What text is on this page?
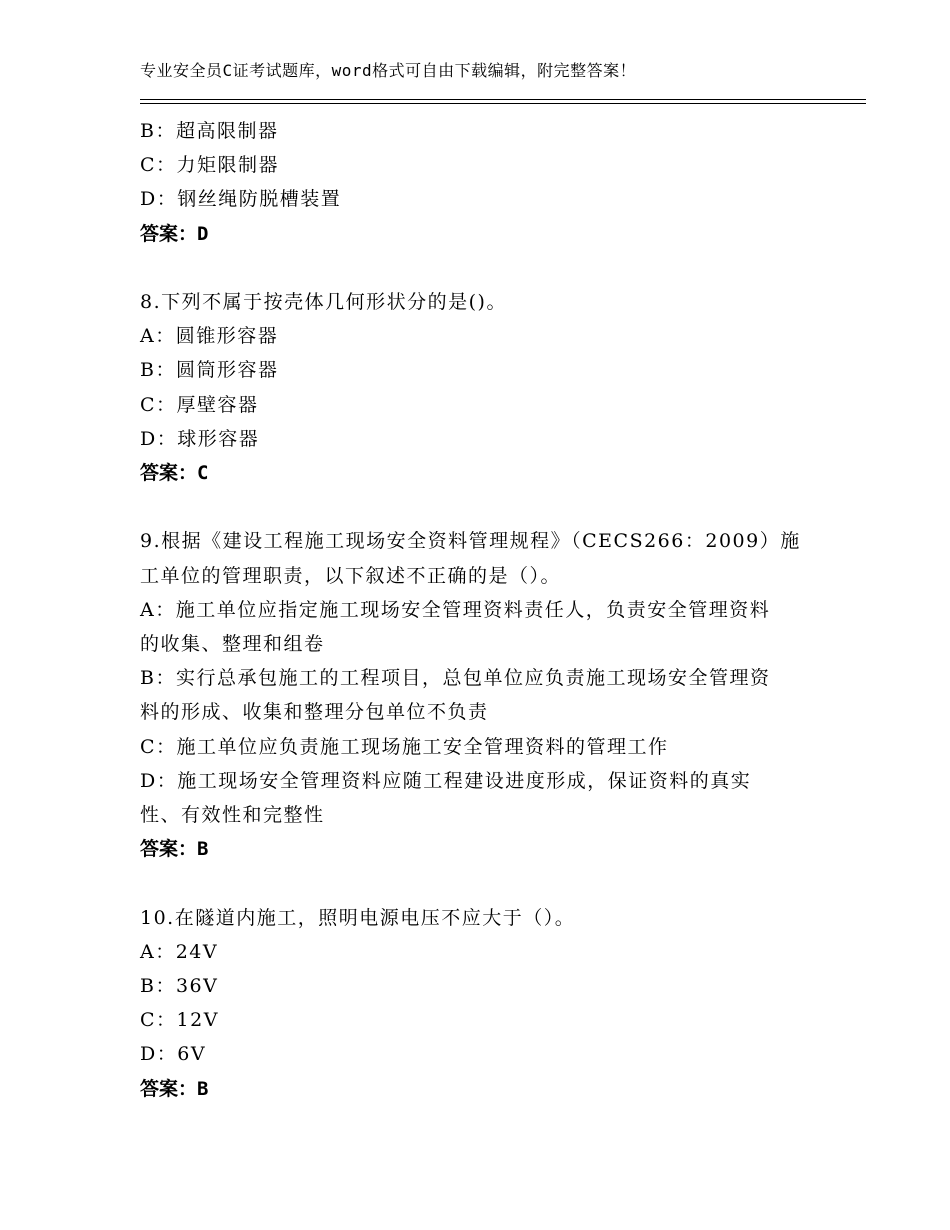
专业安全员C证考试题库，word格式可自由下载编辑，附完整答案！
B：超高限制器
C：力矩限制器
D：钢丝绳防脱槽装置
答案：D
8.下列不属于按壳体几何形状分的是()。
A：圆锥形容器
B：圆筒形容器
C：厚壁容器
D：球形容器
答案：C
9.根据《建设工程施工现场安全资料管理规程》（CECS266：2009）施
工单位的管理职责，以下叙述不正确的是（）。
A：施工单位应指定施工现场安全管理资料责任人，负责安全管理资料
的收集、整理和组卷
B：实行总承包施工的工程项目，总包单位应负责施工现场安全管理资
料的形成、收集和整理分包单位不负责
C：施工单位应负责施工现场施工安全管理资料的管理工作
D：施工现场安全管理资料应随工程建设进度形成，保证资料的真实
性、有效性和完整性
答案：B
10.在隧道内施工，照明电源电压不应大于（）。
A：24V
B：36V
C：12V
D：6V
答案：B
